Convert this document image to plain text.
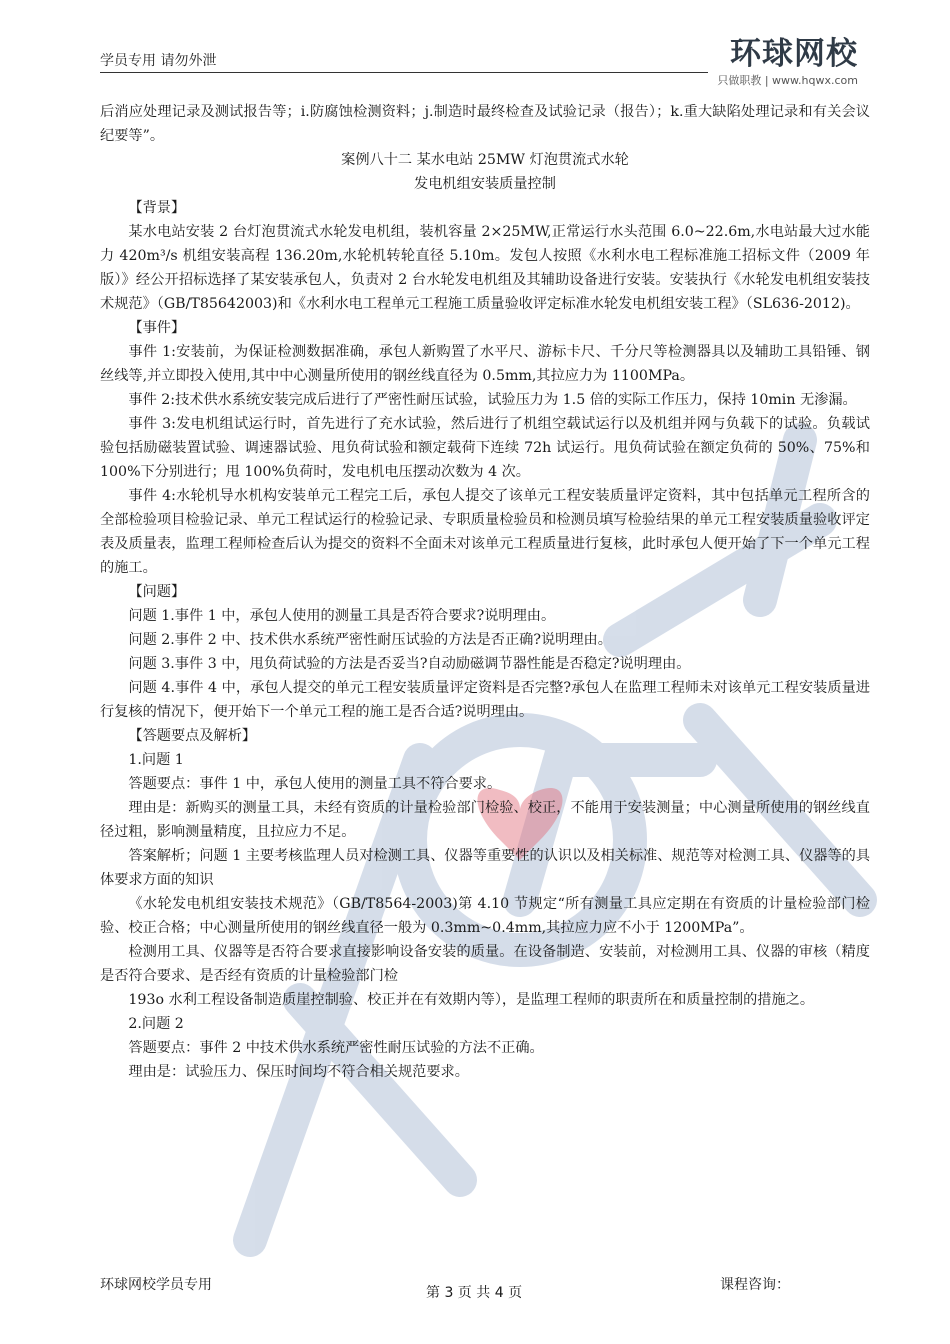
学员专用 请勿外泄	环球网校
只做职教 | www.hqwx.com

后消应处理记录及测试报告等；i.防腐蚀检测资料；j.制造时最终检查及试验记录（报告）；k.重大缺陷处理记录和有关会议纪要等”。

案例八十二 某水电站 25MW 灯泡贯流式水轮

发电机组安装质量控制

【背景】

某水电站安装 2 台灯泡贯流式水轮发电机组，装机容量 2×25MW,正常运行水头范围 6.0~22.6m,水电站最大过水能力 420m³/s 机组安装高程 136.20m,水轮机转轮直径 5.10m。发包人按照《水利水电工程标准施工招标文件（2009 年版）》经公开招标选择了某安装承包人，负责对 2 台水轮发电机组及其辅助设备进行安装。安装执行《水轮发电机组安装技术规范》（GB/T85642003)和《水利水电工程单元工程施工质量验收评定标准水轮发电机组安装工程》（SL636-2012)。

【事件】

事件 1:安装前，为保证检测数据准确，承包人新购置了水平尺、游标卡尺、千分尺等检测器具以及辅助工具铅锤、钢丝线等,并立即投入使用,其中中心测量所使用的钢丝线直径为 0.5mm,其拉应力为 1100MPa。

事件 2:技术供水系统安装完成后进行了严密性耐压试验，试验压力为 1.5 倍的实际工作压力，保持 10min 无渗漏。

事件 3:发电机组试运行时，首先进行了充水试验，然后进行了机组空载试运行以及机组并网与负载下的试验。负载试验包括励磁装置试验、调速器试验、甩负荷试验和额定载荷下连续 72h 试运行。甩负荷试验在额定负荷的 50%、75%和 100%下分别进行；甩 100%负荷时，发电机电压摆动次数为 4 次。

事件 4:水轮机导水机构安装单元工程完工后，承包人提交了该单元工程安装质量评定资料，其中包括单元工程所含的全部检验项目检验记录、单元工程试运行的检验记录、专职质量检验员和检测员填写检验结果的单元工程安装质量验收评定表及质量表，监理工程师检查后认为提交的资料不全面未对该单元工程质量进行复核，此时承包人便开始了下一个单元工程的施工。

【问题】

问题 1.事件 1 中，承包人使用的测量工具是否符合要求?说明理由。

问题 2.事件 2 中、技术供水系统严密性耐压试验的方法是否正确?说明理由。

问题 3.事件 3 中，甩负荷试验的方法是否妥当?自动励磁调节器性能是否稳定?说明理由。

问题 4.事件 4 中，承包人提交的单元工程安装质量评定资料是否完整?承包人在监理工程师未对该单元工程安装质量进行复核的情况下，便开始下一个单元工程的施工是否合适?说明理由。

【答题要点及解析】

1.问题 1

答题要点：事件 1 中，承包人使用的测量工具不符合要求。

理由是：新购买的测量工具，未经有资质的计量检验部门检验、校正，不能用于安装测量；中心测量所使用的钢丝线直径过粗，影响测量精度，且拉应力不足。

答案解析；问题 1 主要考核监理人员对检测工具、仪器等重要性的认识以及相关标准、规范等对检测工具、仪器等的具体要求方面的知识

《水轮发电机组安装技术规范》（GB/T8564-2003)第 4.10 节规定“所有测量工具应定期在有资质的计量检验部门检验、校正合格；中心测量所使用的钢丝线直径一般为 0.3mm~0.4mm,其拉应力应不小于 1200MPa”。

检测用工具、仪器等是否符合要求直接影响设备安装的质量。在设备制造、安装前，对检测用工具、仪器的审核（精度是否符合要求、是否经有资质的计量检验部门检

193o 水利工程设备制造质崖控制验、校正并在有效期内等），是监理工程师的职责所在和质量控制的措施之。

2.问题 2

答题要点：事件 2 中技术供水系统严密性耐压试验的方法不正确。

理由是：试验压力、保压时间均不符合相关规范要求。

环球网校学员专用	第 3 页 共 4 页	课程咨询：
